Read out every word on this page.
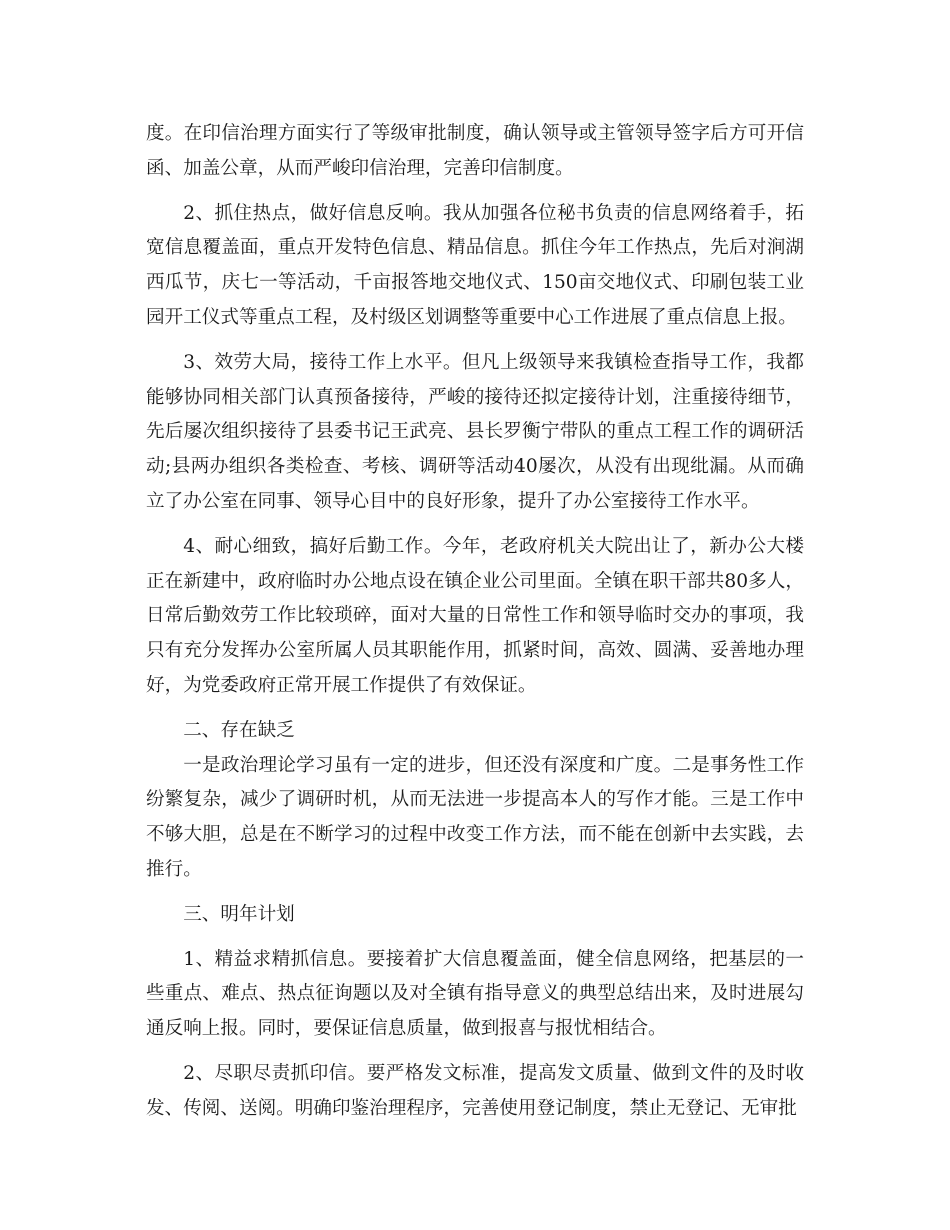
度。在印信治理方面实行了等级审批制度，确认领导或主管领导签字后方可开信函、加盖公章，从而严峻印信治理，完善印信制度。

2、抓住热点，做好信息反响。我从加强各位秘书负责的信息网络着手，拓宽信息覆盖面，重点开发特色信息、精品信息。抓住今年工作热点，先后对涧湖西瓜节，庆七一等活动，千亩报答地交地仪式、150亩交地仪式、印刷包装工业园开工仪式等重点工程，及村级区划调整等重要中心工作进展了重点信息上报。

3、效劳大局，接待工作上水平。但凡上级领导来我镇检查指导工作，我都能够协同相关部门认真预备接待，严峻的接待还拟定接待计划，注重接待细节，先后屡次组织接待了县委书记王武亮、县长罗衡宁带队的重点工程工作的调研活动;县两办组织各类检查、考核、调研等活动40屡次，从没有出现纰漏。从而确立了办公室在同事、领导心目中的良好形象，提升了办公室接待工作水平。

4、耐心细致，搞好后勤工作。今年，老政府机关大院出让了，新办公大楼正在新建中，政府临时办公地点设在镇企业公司里面。全镇在职干部共80多人，日常后勤效劳工作比较琐碎，面对大量的日常性工作和领导临时交办的事项，我只有充分发挥办公室所属人员其职能作用，抓紧时间，高效、圆满、妥善地办理好，为党委政府正常开展工作提供了有效保证。

二、存在缺乏

一是政治理论学习虽有一定的进步，但还没有深度和广度。二是事务性工作纷繁复杂，减少了调研时机，从而无法进一步提高本人的写作才能。三是工作中不够大胆，总是在不断学习的过程中改变工作方法，而不能在创新中去实践，去推行。

三、明年计划

1、精益求精抓信息。要接着扩大信息覆盖面，健全信息网络，把基层的一些重点、难点、热点征询题以及对全镇有指导意义的典型总结出来，及时进展勾通反响上报。同时，要保证信息质量，做到报喜与报忧相结合。

2、尽职尽责抓印信。要严格发文标准，提高发文质量、做到文件的及时收发、传阅、送阅。明确印鉴治理程序，完善使用登记制度，禁止无登记、无审批
